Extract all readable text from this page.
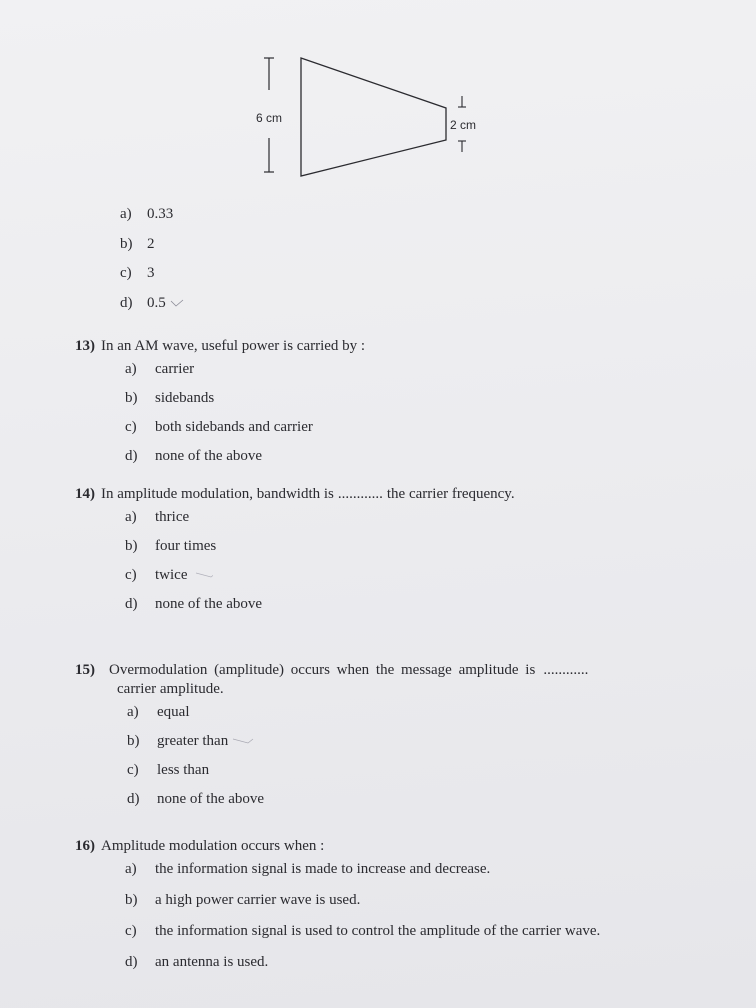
6 cm	2 cm
a)	0.33
b) 2
c)	3
d) 0.5
13) In an AM wave, useful power is carried by :
a)	carrier
b)	sidebands
c)	both sidebands and carrier
d)	none of the above
14) In amplitude modulation, bandwidth is ............ the carrier frequency.
a)	thrice
b)	four times
c)	twice
d)	none of the above
15) Overmodulation (amplitude) occurs when the message amplitude is ............
carrier amplitude.
a)	equal
b)	greater than
c)	less than
d)	none of the above
16) Amplitude modulation occurs when :
a)	the information signal is made to increase and decrease.
b)	a high power carrier wave is used.
c)	the information signal is used to control the amplitude of the carrier wave.
d)	an antenna is used.
